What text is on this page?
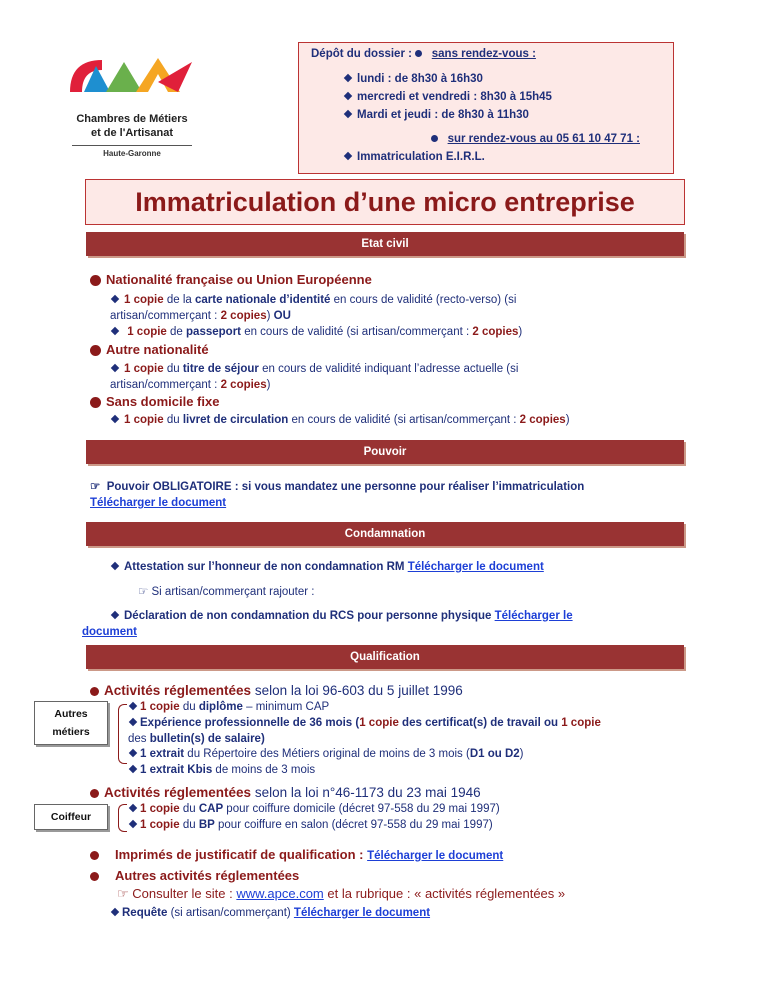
Chambres de Métiers
et de l'Artisanat
Haute-Garonne
Dépôt du dossier : sans rendez-vous :
lundi : de 8h30 à 16h30
mercredi et vendredi : 8h30 à 15h45
Mardi et jeudi : de 8h30 à 11h30
sur rendez-vous au 05 61 10 47 71 :
Immatriculation E.I.R.L.
Immatriculation d’une micro entreprise
Etat civil
Nationalité française ou Union Européenne
1 copie de la carte nationale d’identité en cours de validité (recto-verso) (si
artisan/commerçant : 2 copies) OU
1 copie de passeport en cours de validité (si artisan/commerçant : 2 copies)
Autre nationalité
1 copie du titre de séjour en cours de validité indiquant l’adresse actuelle (si
artisan/commerçant : 2 copies)
Sans domicile fixe
1 copie du livret de circulation en cours de validité (si artisan/commerçant : 2 copies)
Pouvoir
☞ Pouvoir OBLIGATOIRE : si vous mandatez une personne pour réaliser l’immatriculation
Télécharger le document
Condamnation
Attestation sur l’honneur de non condamnation RM Télécharger le document
☞ Si artisan/commerçant rajouter :
Déclaration de non condamnation du RCS pour personne physique Télécharger le
document
Qualification
Activités réglementées selon la loi 96-603 du 5 juillet 1996
Autres métiers
1 copie du diplôme – minimum CAP
Expérience professionnelle de 36 mois (1 copie des certificat(s) de travail ou 1 copie
des bulletin(s) de salaire)
1 extrait du Répertoire des Métiers original de moins de 3 mois (D1 ou D2)
1 extrait Kbis de moins de 3 mois
Activités réglementées selon la loi n°46-1173 du 23 mai 1946
Coiffeur
1 copie du CAP pour coiffure domicile (décret 97-558 du 29 mai 1997)
1 copie du BP pour coiffure en salon (décret 97-558 du 29 mai 1997)
Imprimés de justificatif de qualification : Télécharger le document
Autres activités réglementées
☞ Consulter le site : www.apce.com et la rubrique : « activités réglementées »
Requête (si artisan/commerçant) Télécharger le document
